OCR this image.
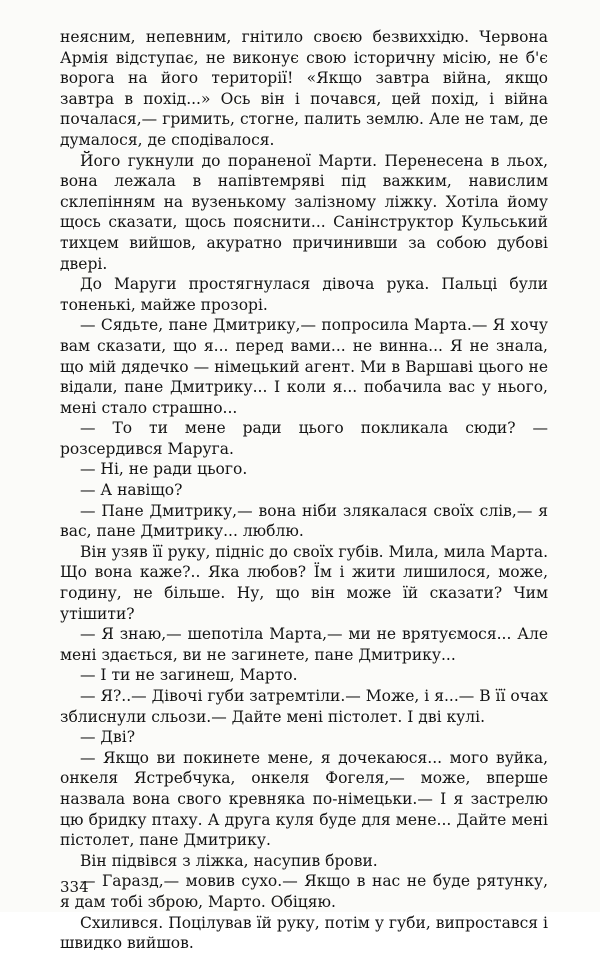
неясним, непевним, гнітило своєю безвиххідю. Червона Армія відступає, не виконує свою історичну місію, не б'є ворога на його території! «Якщо завтра війна, якщо завтра в похід...» Ось він і почався, цей похід, і війна почалася,— гримить, стогне, палить землю. Але не там, де думалося, де сподівалося.

Його гукнули до пораненої Марти. Перенесена в льох, вона лежала в напівтемряві під важким, навислим склепінням на вузенькому залізному ліжку. Хотіла йому щось сказати, щось пояснити... Санінструктор Кульський тихцем вийшов, акуратно причинивши за собою дубові двері.

До Маруги простягнулася дівоча рука. Пальці були тоненькі, майже прозорі.

— Сядьте, пане Дмитрику,— попросила Марта.— Я хочу вам сказати, що я... перед вами... не винна... Я не знала, що мій дядечко — німецький агент. Ми в Варшаві цього не відали, пане Дмитрику... І коли я... побачила вас у нього, мені стало страшно...

— То ти мене ради цього покликала сюди? — розсердився Маруга.

— Ні, не ради цього.

— А навіщо?

— Пане Дмитрику,— вона ніби злякалася своїх слів,— я вас, пане Дмитрику... люблю.

Він узяв її руку, підніс до своїх губів. Мила, мила Марта. Що вона каже?.. Яка любов? Їм і жити лишилося, може, годину, не більше. Ну, що він може їй сказати? Чим утішити?

— Я знаю,— шепотіла Марта,— ми не врятуємося... Але мені здається, ви не загинете, пане Дмитрику...

— І ти не загинеш, Марто.

— Я?..— Дівочі губи затремтіли.— Може, і я...— В її очах зблиснули сльози.— Дайте мені пістолет. І дві кулі.

— Дві?

— Якщо ви покинете мене, я дочекаюся... мого вуйка, онкеля Ястребчука, онкеля Фогеля,— може, вперше назвала вона свого кревняка по-німецьки.— І я застрелю цю бридку птаху. А друга куля буде для мене... Дайте мені пістолет, пане Дмитрику.

Він підвівся з ліжка, насупив брови.

— Гаразд,— мовив сухо.— Якщо в нас не буде рятунку, я дам тобі зброю, Марто. Обіцяю.

Схилився. Поцілував їй руку, потім у губи, випростався і швидко вийшов.

334
